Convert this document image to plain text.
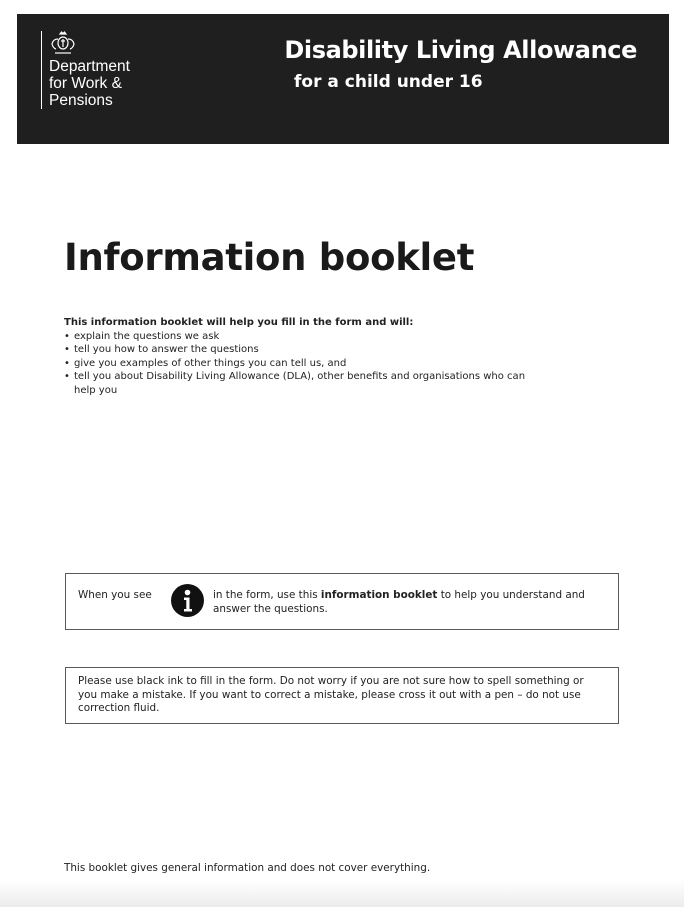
Department
for Work &
Pensions

Disability Living Allowance

for a child under 16

Information booklet

This information booklet will help you fill in the form and will:

• explain the questions we ask
• tell you how to answer the questions
• give you examples of other things you can tell us, and
• tell you about Disability Living Allowance (DLA), other benefits and organisations who can help you
When you see	in the form, use this information booklet to help you understand and answer the questions.
Please use black ink to fill in the form. Do not worry if you are not sure how to spell something or you make a mistake. If you want to correct a mistake, please cross it out with a pen – do not use correction fluid.

This booklet gives general information and does not cover everything.
